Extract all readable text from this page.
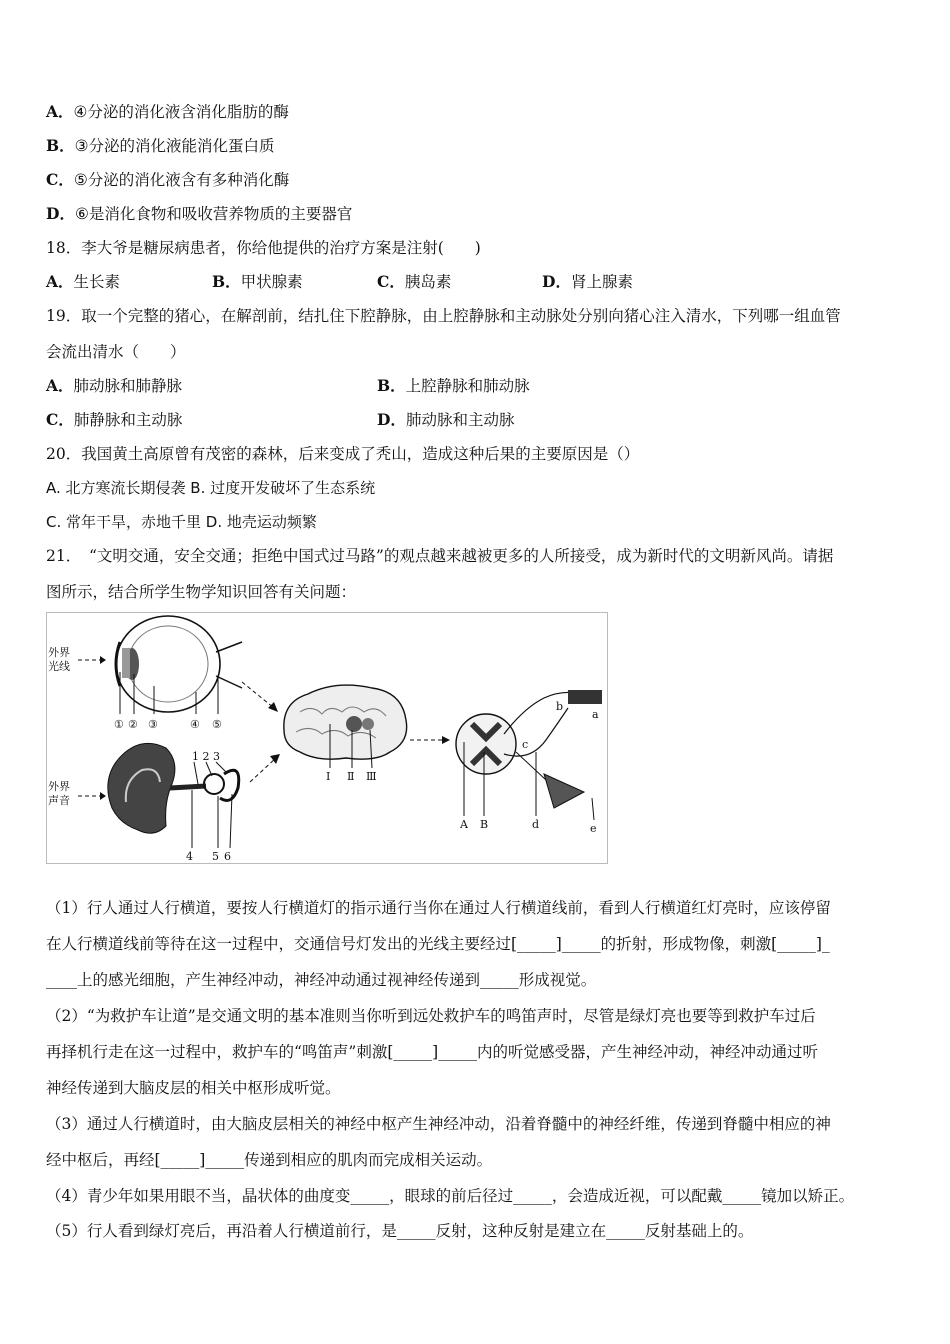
A．④分泌的消化液含消化脂肪的酶
B．③分泌的消化液能消化蛋白质
C．⑤分泌的消化液含有多种消化酶
D．⑥是消化食物和吸收营养物质的主要器官
18．李大爷是糖尿病患者，你给他提供的治疗方案是注射(　　)
A．生长素	B．甲状腺素	C．胰岛素	D．肾上腺素
19．取一个完整的猪心，在解剖前，结扎住下腔静脉，由上腔静脉和主动脉处分别向猪心注入清水，下列哪一组血管
会流出清水（　　）
A．肺动脉和肺静脉	B．上腔静脉和肺动脉
C．肺静脉和主动脉	D．肺动脉和主动脉
20．我国黄土高原曾有茂密的森林，后来变成了秃山，造成这种后果的主要原因是（）
A. 北方寒流长期侵袭 B. 过度开发破坏了生态系统
C. 常年干旱，赤地千里 D. 地壳运动频繁
21．　“文明交通，安全交通；拒绝中国式过马路”的观点越来越被更多的人所接受，成为新时代的文明新风尚。请据
图所示，结合所学生物学知识回答有关问题：
外界
光线
① ② ③	④ ⑤
外界
声音
1 2 3
4 5 6
Ⅰ Ⅱ Ⅲ
A B
c
d	e
a
b
（1）行人通过人行横道，要按人行横道灯的指示通行当你在通过人行横道线前，看到人行横道红灯亮时，应该停留
在人行横道线前等待在这一过程中，交通信号灯发出的光线主要经过[_____]_____的折射，形成物像，刺激[_____]_
____上的感光细胞，产生神经冲动，神经冲动通过视神经传递到_____形成视觉。
（2）“为救护车让道”是交通文明的基本准则当你听到远处救护车的鸣笛声时，尽管是绿灯亮也要等到救护车过后
再择机行走在这一过程中，救护车的“鸣笛声”刺激[_____]_____内的听觉感受器，产生神经冲动，神经冲动通过听
神经传递到大脑皮层的相关中枢形成听觉。
（3）通过人行横道时，由大脑皮层相关的神经中枢产生神经冲动，沿着脊髓中的神经纤维，传递到脊髓中相应的神
经中枢后，再经[_____]_____传递到相应的肌肉而完成相关运动。
（4）青少年如果用眼不当，晶状体的曲度变_____，眼球的前后径过_____，会造成近视，可以配戴_____镜加以矫正。
（5）行人看到绿灯亮后，再沿着人行横道前行，是_____反射，这种反射是建立在_____反射基础上的。
